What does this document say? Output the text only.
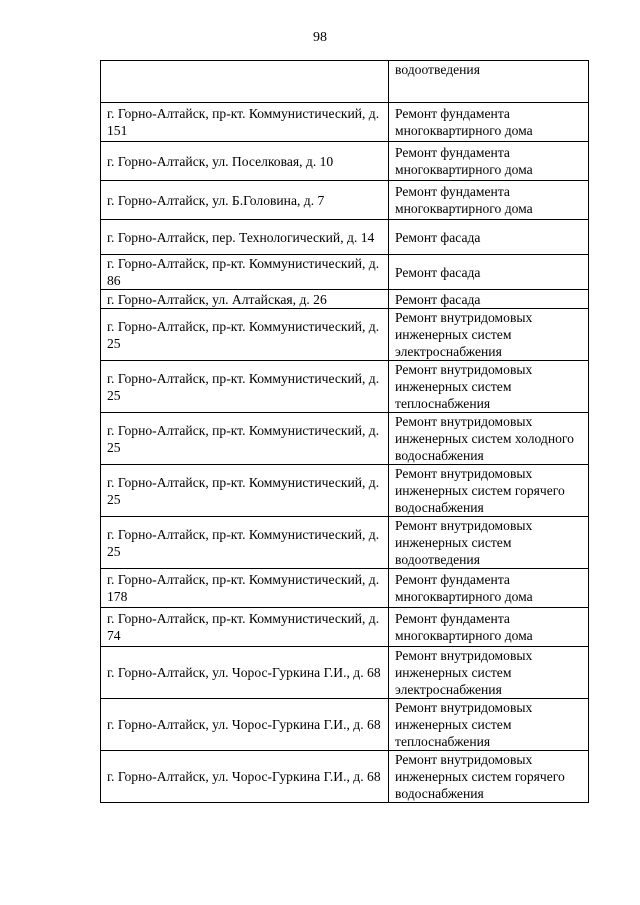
98
	водоотведения
г. Горно-Алтайск, пр-кт. Коммунистический, д. 151	Ремонт фундамента многоквартирного дома
г. Горно-Алтайск, ул. Поселковая, д. 10	Ремонт фундамента многоквартирного дома
г. Горно-Алтайск, ул. Б.Головина, д. 7	Ремонт фундамента многоквартирного дома
г. Горно-Алтайск, пер. Технологический, д. 14	Ремонт фасада
г. Горно-Алтайск, пр-кт. Коммунистический, д. 86	Ремонт фасада
г. Горно-Алтайск, ул. Алтайская, д. 26	Ремонт фасада
г. Горно-Алтайск, пр-кт. Коммунистический, д. 25	Ремонт внутридомовых инженерных систем электроснабжения
г. Горно-Алтайск, пр-кт. Коммунистический, д. 25	Ремонт внутридомовых инженерных систем теплоснабжения
г. Горно-Алтайск, пр-кт. Коммунистический, д. 25	Ремонт внутридомовых инженерных систем холодного водоснабжения
г. Горно-Алтайск, пр-кт. Коммунистический, д. 25	Ремонт внутридомовых инженерных систем горячего водоснабжения
г. Горно-Алтайск, пр-кт. Коммунистический, д. 25	Ремонт внутридомовых инженерных систем водоотведения
г. Горно-Алтайск, пр-кт. Коммунистический, д. 178	Ремонт фундамента многоквартирного дома
г. Горно-Алтайск, пр-кт. Коммунистический, д. 74	Ремонт фундамента многоквартирного дома
г. Горно-Алтайск, ул. Чорос-Гуркина Г.И., д. 68	Ремонт внутридомовых инженерных систем электроснабжения
г. Горно-Алтайск, ул. Чорос-Гуркина Г.И., д. 68	Ремонт внутридомовых инженерных систем теплоснабжения
г. Горно-Алтайск, ул. Чорос-Гуркина Г.И., д. 68	Ремонт внутридомовых инженерных систем горячего водоснабжения
